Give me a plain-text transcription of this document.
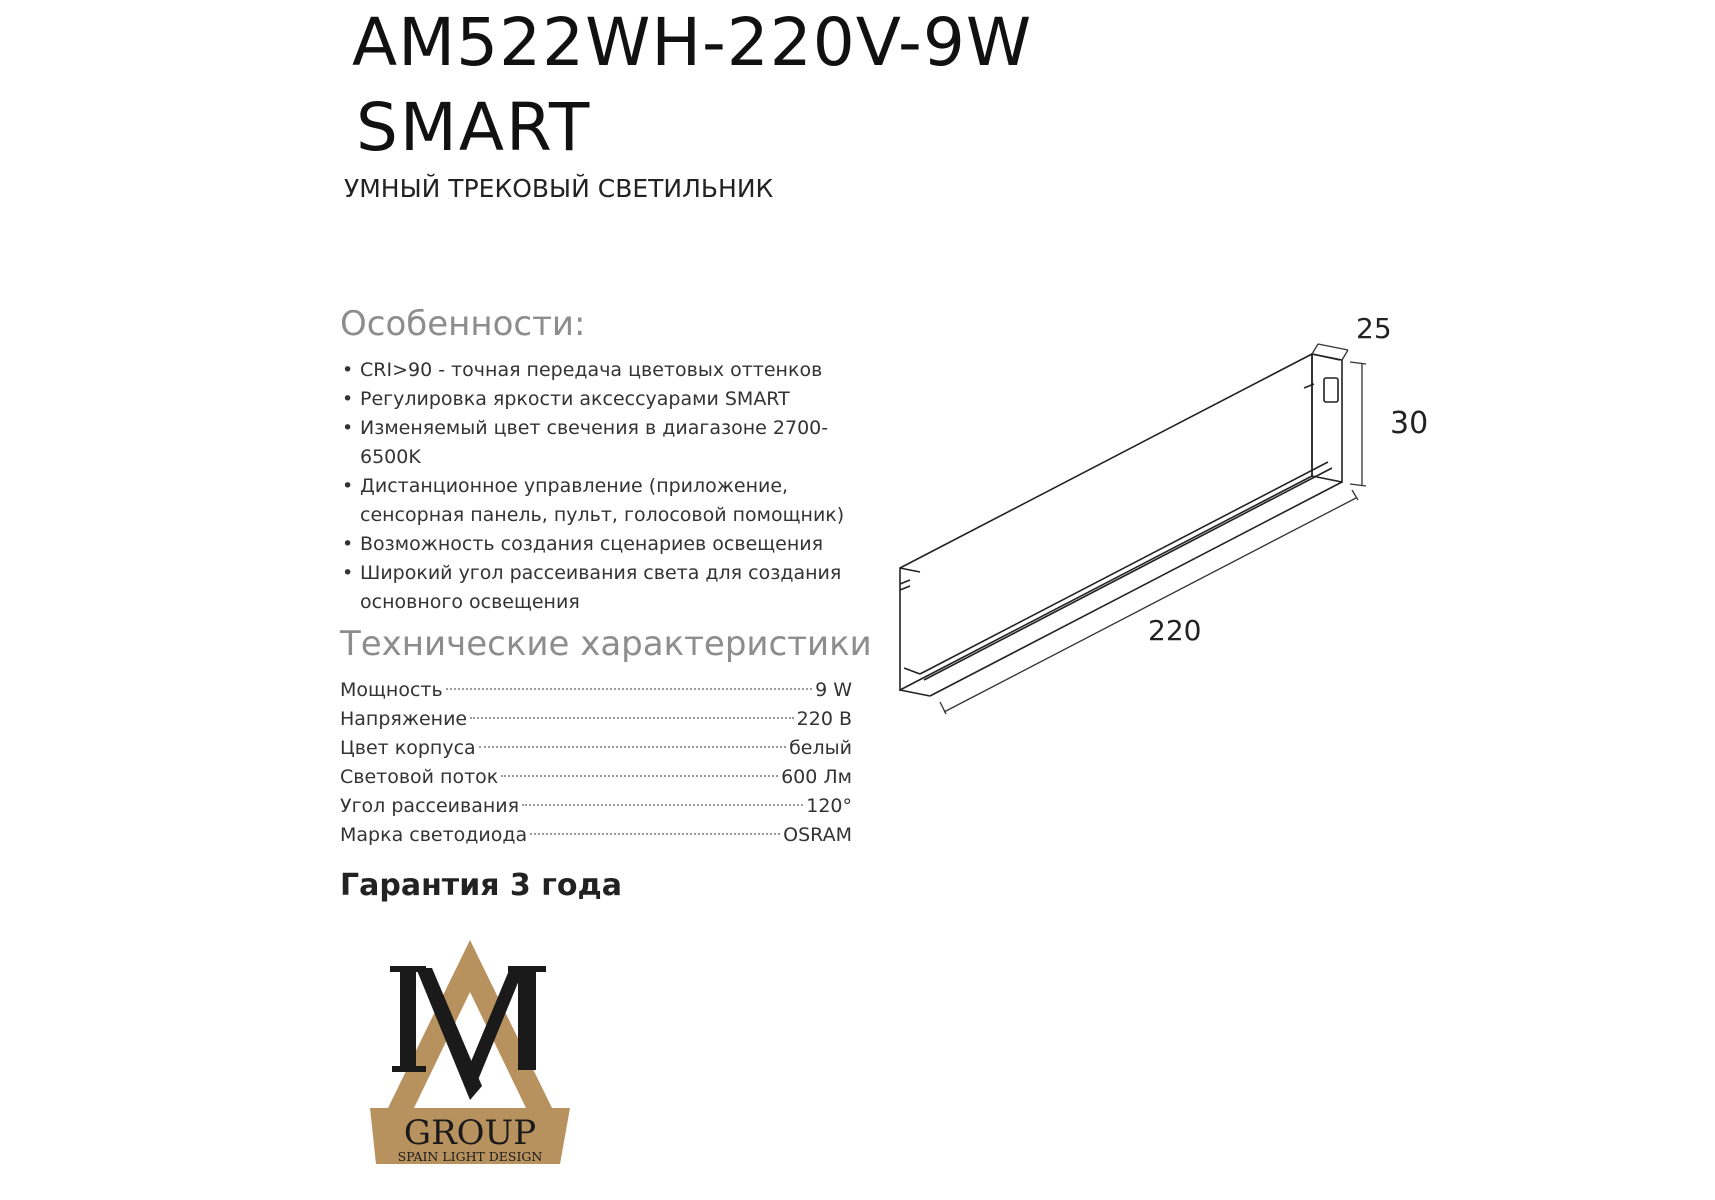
AM522WH-220V-9W
SMART
УМНЫЙ ТРЕКОВЫЙ СВЕТИЛЬНИК
Особенности:
• CRI>90 - точная передача цветовых оттенков
• Регулировка яркости аксессуарами SMART
• Изменяемый цвет свечения в диагазоне 2700-6500K
• Дистанционное управление (приложение, сенсорная панель, пульт, голосовой помощник)
• Возможность создания сценариев освещения
• Широкий угол рассеивания света для создания основного освещения
Технические характеристики
Мощность	9 W
Напряжение	220 В
Цвет корпуса	белый
Световой поток	600 Лм
Угол рассеивания	120°
Марка светодиода	OSRAM
Гарантия 3 года
25
30
220
GROUP
SPAIN LIGHT DESIGN
